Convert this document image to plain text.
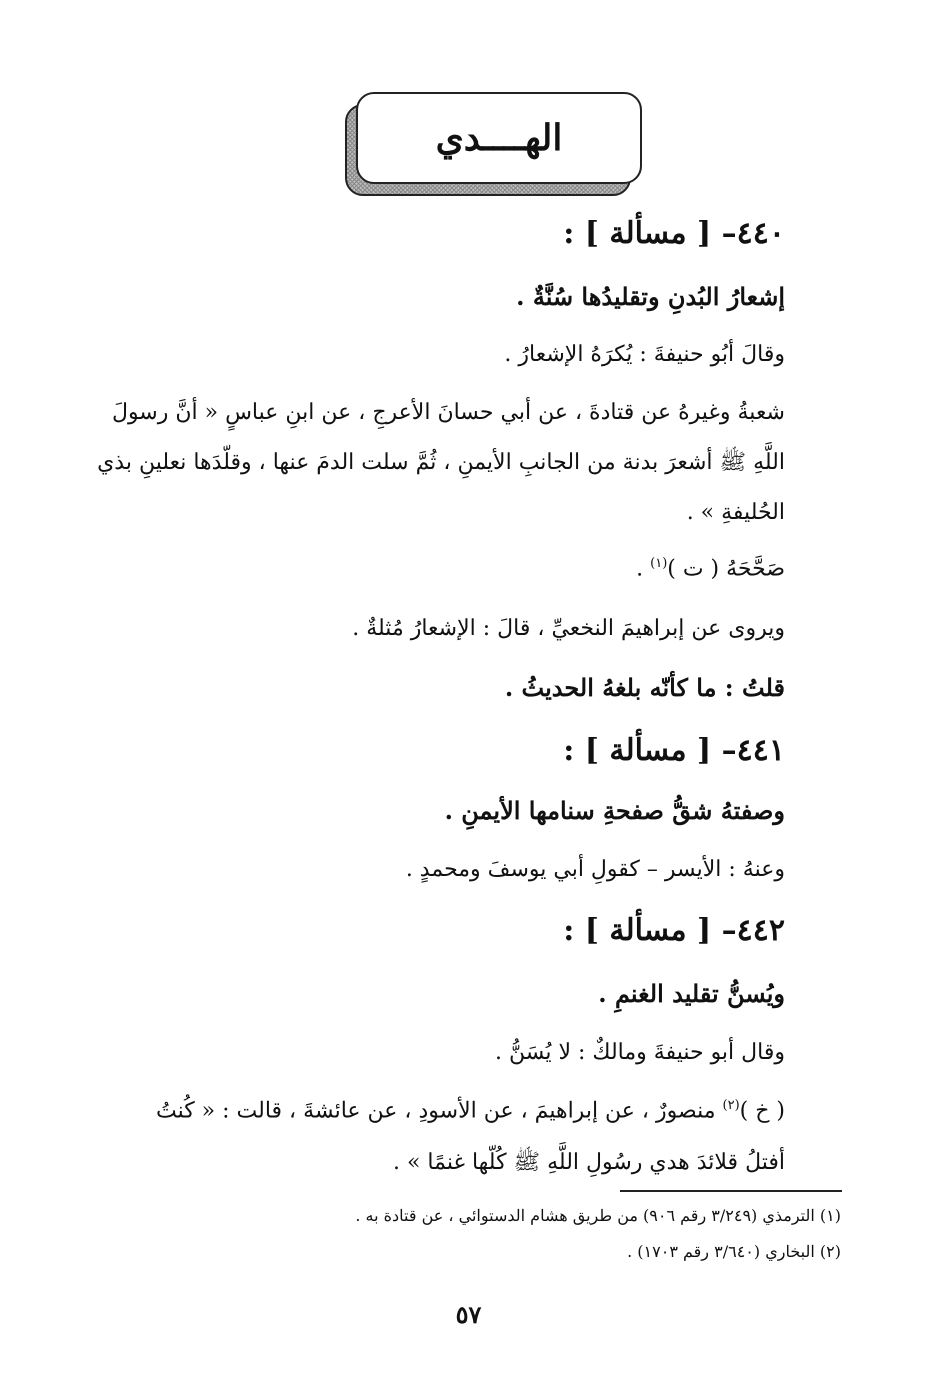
الهــــدي
٤٤٠– [ مسألة ] :
إشعارُ البُدنِ وتقليدُها سُنَّةٌ .
وقالَ أبُو حنيفةَ : يُكرَهُ الإشعارُ .
شعبةُ وغيرهُ عن قتادةَ ، عن أبي حسانَ الأعرجِ ، عن ابنِ عباسٍ « أنَّ رسولَ
اللَّهِ ﷺ أشعرَ بدنة من الجانبِ الأيمنِ ، ثُمَّ سلت الدمَ عنها ، وقلّدَها نعلينِ بذي
الحُليفةِ » .
صَحَّحَهُ ( ت )$^{(١)}$ .
ويروى عن إبراهيمَ النخعيِّ ، قالَ : الإشعارُ مُثلةٌ .
قلتُ : ما كأنّه بلغهُ الحديثُ .
٤٤١– [ مسألة ] :
وصفتهُ شقُّ صفحةِ سنامها الأيمنِ .
وعنهُ : الأيسر – كقولِ أبي يوسفَ ومحمدٍ .
٤٤٢– [ مسألة ] :
ويُسنُّ تقليد الغنمِ .
وقال أبو حنيفةَ ومالكٌ : لا يُسَنُّ .
( خ )$^{(٢)}$ منصورٌ ، عن إبراهيمَ ، عن الأسودِ ، عن عائشةَ ، قالت : « كُنتُ
أفتلُ قلائدَ هدي رسُولِ اللَّهِ ﷺ كُلّها غنمًا » .
(١) الترمذي (٣/٢٤٩ رقم ٩٠٦) من طريق هشام الدستوائي ، عن قتادة به .
(٢) البخاري (٣/٦٤٠ رقم ١٧٠٣) .
٥٧
